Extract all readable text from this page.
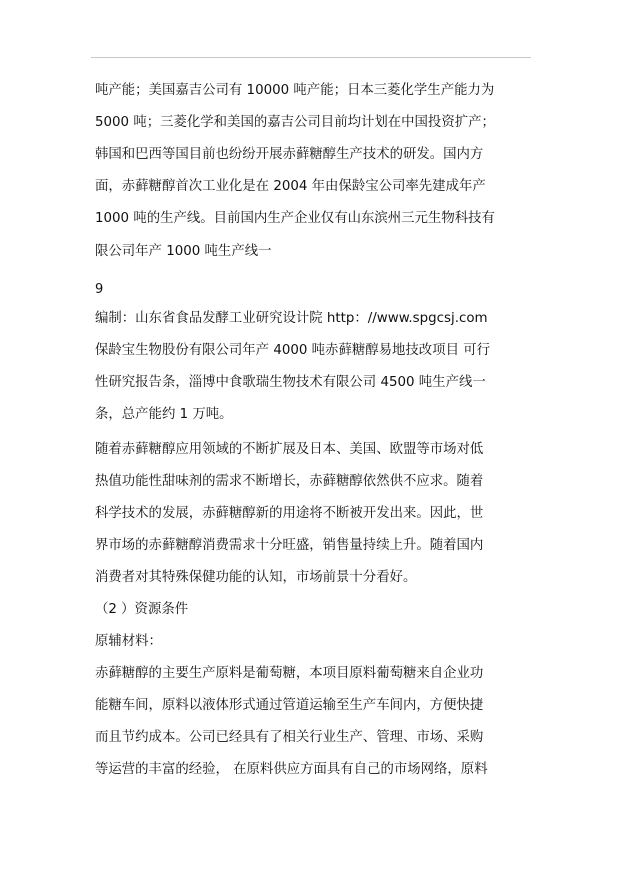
吨产能；美国嘉吉公司有 10000 吨产能；日本三菱化学生产能力为
5000 吨；三菱化学和美国的嘉吉公司目前均计划在中国投资扩产；
韩国和巴西等国目前也纷纷开展赤藓糖醇生产技术的研发。国内方
面，赤藓糖醇首次工业化是在 2004 年由保龄宝公司率先建成年产
1000 吨的生产线。目前国内生产企业仅有山东滨州三元生物科技有
限公司年产 1000 吨生产线一
9
编制：山东省食品发酵工业研究设计院 http：//www.spgcsj.com
保龄宝生物股份有限公司年产 4000 吨赤藓糖醇易地技改项目 可行
性研究报告条，淄博中食歌瑞生物技术有限公司 4500 吨生产线一
条，总产能约 1 万吨。
随着赤藓糖醇应用领域的不断扩展及日本、美国、欧盟等市场对低
热值功能性甜味剂的需求不断增长，赤藓糖醇依然供不应求。随着
科学技术的发展，赤藓糖醇新的用途将不断被开发出来。因此，世
界市场的赤藓糖醇消费需求十分旺盛，销售量持续上升。随着国内
消费者对其特殊保健功能的认知，市场前景十分看好。
（2 ）资源条件
原辅材料：
赤藓糖醇的主要生产原料是葡萄糖，本项目原料葡萄糖来自企业功
能糖车间，原料以液体形式通过管道运输至生产车间内，方便快捷
而且节约成本。公司已经具有了相关行业生产、管理、市场、采购
等运营的丰富的经验， 在原料供应方面具有自己的市场网络，原料
